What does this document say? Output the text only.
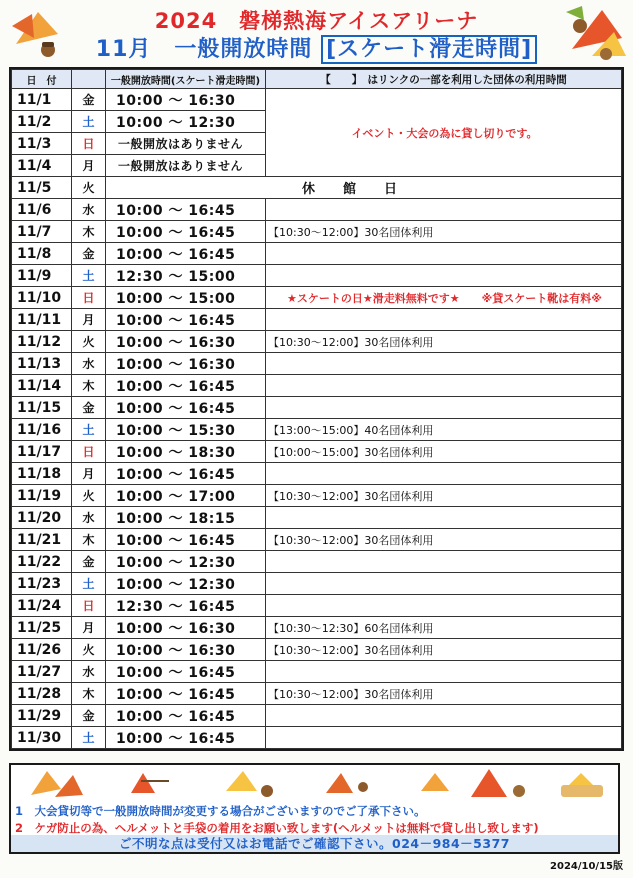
2024　磐梯熱海アイスアリーナ
11月　一般開放時間 [スケート滑走時間]
日　付		一般開放時間(スケート滑走時間)	【　　】　はリンクの一部を利用した団体の利用時間
11/1	金	10:00 ～ 16:30	イベント・大会の為に貸し切りです。
11/2	土	10:00 ～ 12:30	
11/3	日	一般開放はありません	
11/4	月	一般開放はありません	
11/5	火	休館日	
11/6	水	10:00 ～ 16:45	
11/7	木	10:00 ～ 16:45	【10:30～12:00】30名団体利用
11/8	金	10:00 ～ 16:45	
11/9	土	12:30 ～ 15:00	
11/10	日	10:00 ～ 15:00	★スケートの日★滑走料無料です★　　※貸スケート靴は有料※
11/11	月	10:00 ～ 16:45	
11/12	火	10:00 ～ 16:30	【10:30～12:00】30名団体利用
11/13	水	10:00 ～ 16:30	
11/14	木	10:00 ～ 16:45	
11/15	金	10:00 ～ 16:45	
11/16	土	10:00 ～ 15:30	【13:00～15:00】40名団体利用
11/17	日	10:00 ～ 18:30	【10:00～15:00】30名団体利用
11/18	月	10:00 ～ 16:45	
11/19	火	10:00 ～ 17:00	【10:30～12:00】30名団体利用
11/20	水	10:00 ～ 18:15	
11/21	木	10:00 ～ 16:45	【10:30～12:00】30名団体利用
11/22	金	10:00 ～ 12:30	
11/23	土	10:00 ～ 12:30	
11/24	日	12:30 ～ 16:45	
11/25	月	10:00 ～ 16:30	【10:30～12:30】60名団体利用
11/26	火	10:00 ～ 16:30	【10:30～12:00】30名団体利用
11/27	水	10:00 ～ 16:45	
11/28	木	10:00 ～ 16:45	【10:30～12:00】30名団体利用
11/29	金	10:00 ～ 16:45	
11/30	土	10:00 ～ 16:45	
1　大会貸切等で一般開放時間が変更する場合がございますのでご了承下さい。
2　ケガ防止の為、ヘルメットと手袋の着用をお願い致します(ヘルメットは無料で貸し出し致します)
ご不明な点は受付又はお電話でご確認下さい。024－984－5377
2024/10/15版
